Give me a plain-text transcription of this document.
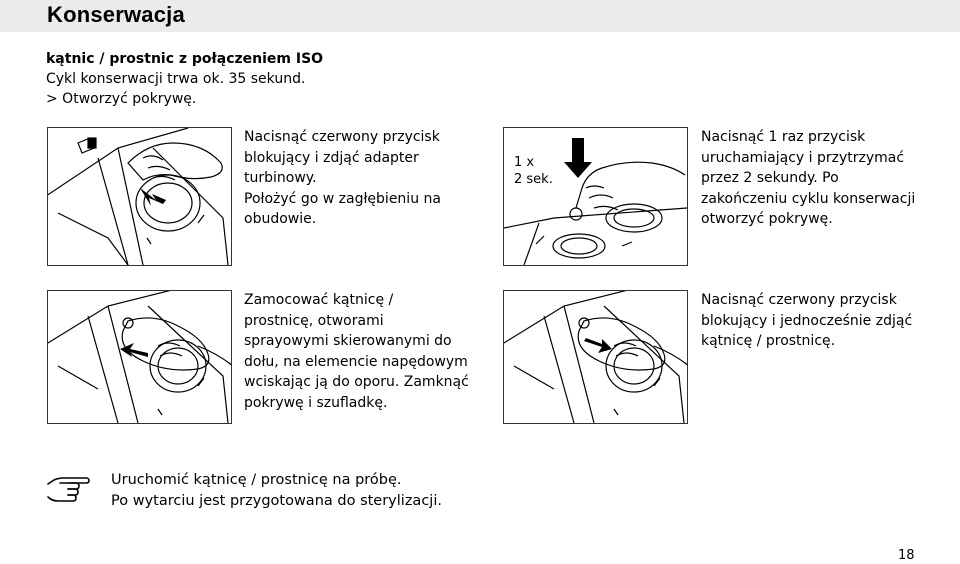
Konserwacja
kątnic / prostnic z połączeniem ISO
Cykl konserwacji trwa ok. 35 sekund.
> Otworzyć pokrywę.
Nacisnąć czerwony przycisk
blokujący i zdjąć adapter
turbinowy.
Położyć go w zagłębieniu na
obudowie.
1 x
2 sek.
Nacisnąć 1 raz przycisk
uruchamiający i przytrzymać
przez 2 sekundy. Po
zakończeniu cyklu konserwacji
otworzyć pokrywę.
Zamocować kątnicę /
prostnicę, otworami
sprayowymi skierowanymi do
dołu, na elemencie napędowym
wciskając ją do oporu. Zamknąć
pokrywę i szufladkę.
Nacisnąć czerwony przycisk
blokujący i jednocześnie zdjąć
kątnicę / prostnicę.
Uruchomić kątnicę / prostnicę na próbę.
Po wytarciu jest przygotowana do sterylizacji.
18
